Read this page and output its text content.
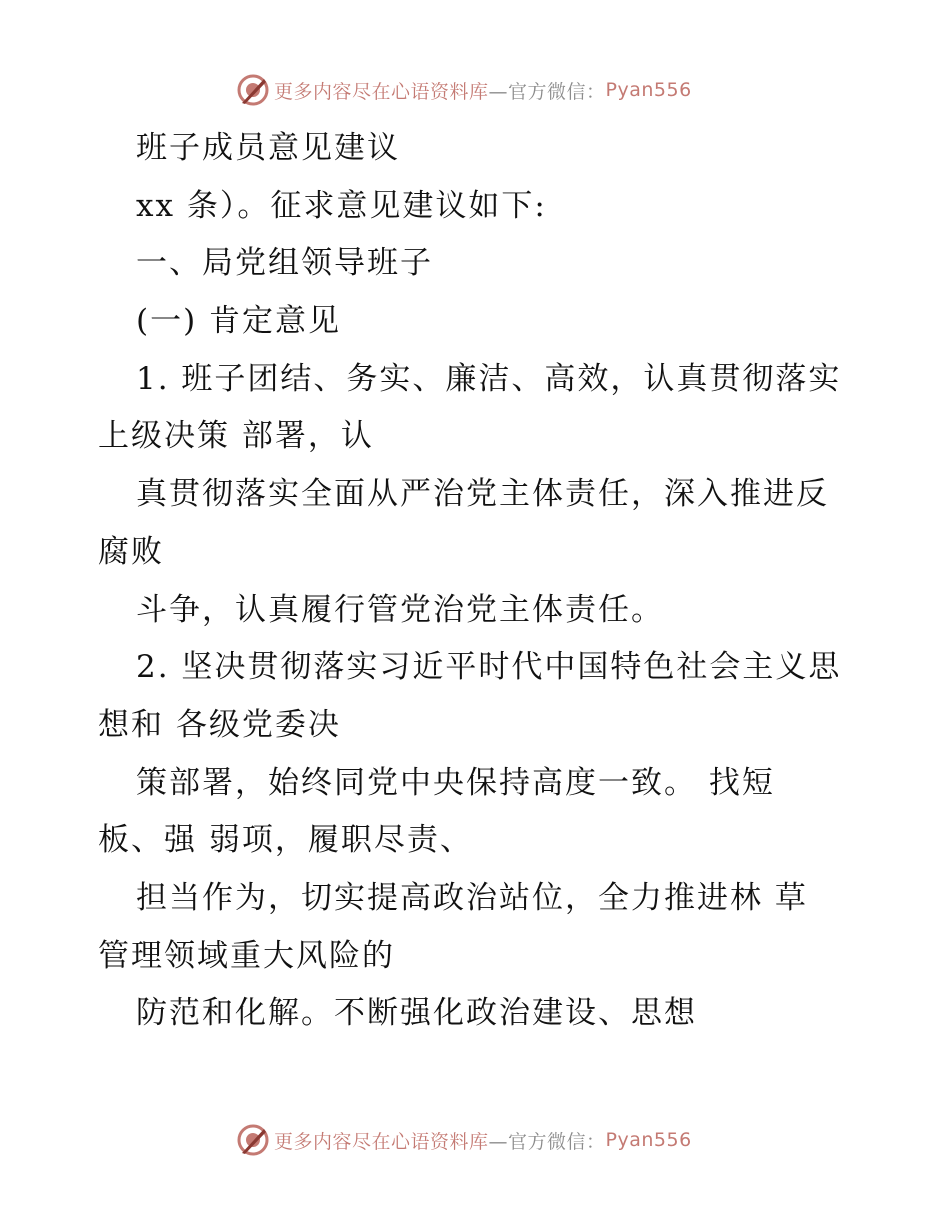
更多内容尽在心语资料库 —官方微信： Pyan556
班子成员意见建议
xx 条）。征求意见建议如下:
一、局党组领导班子
(一) 肯定意见
1. 班子团结、务实、廉洁、高效，认真贯彻落实
上级决策 部署，认
真贯彻落实全面从严治党主体责任，深入推进反
腐败
斗争，认真履行管党治党主体责任。
2. 坚决贯彻落实习近平时代中国特色社会主义思
想和 各级党委决
策部署，始终同党中央保持高度一致。 找短
板、强 弱项，履职尽责、
担当作为，切实提高政治站位，全力推进林 草
管理领域重大风险的
防范和化解。不断强化政治建设、思想
更多内容尽在心语资料库 —官方微信： Pyan556
